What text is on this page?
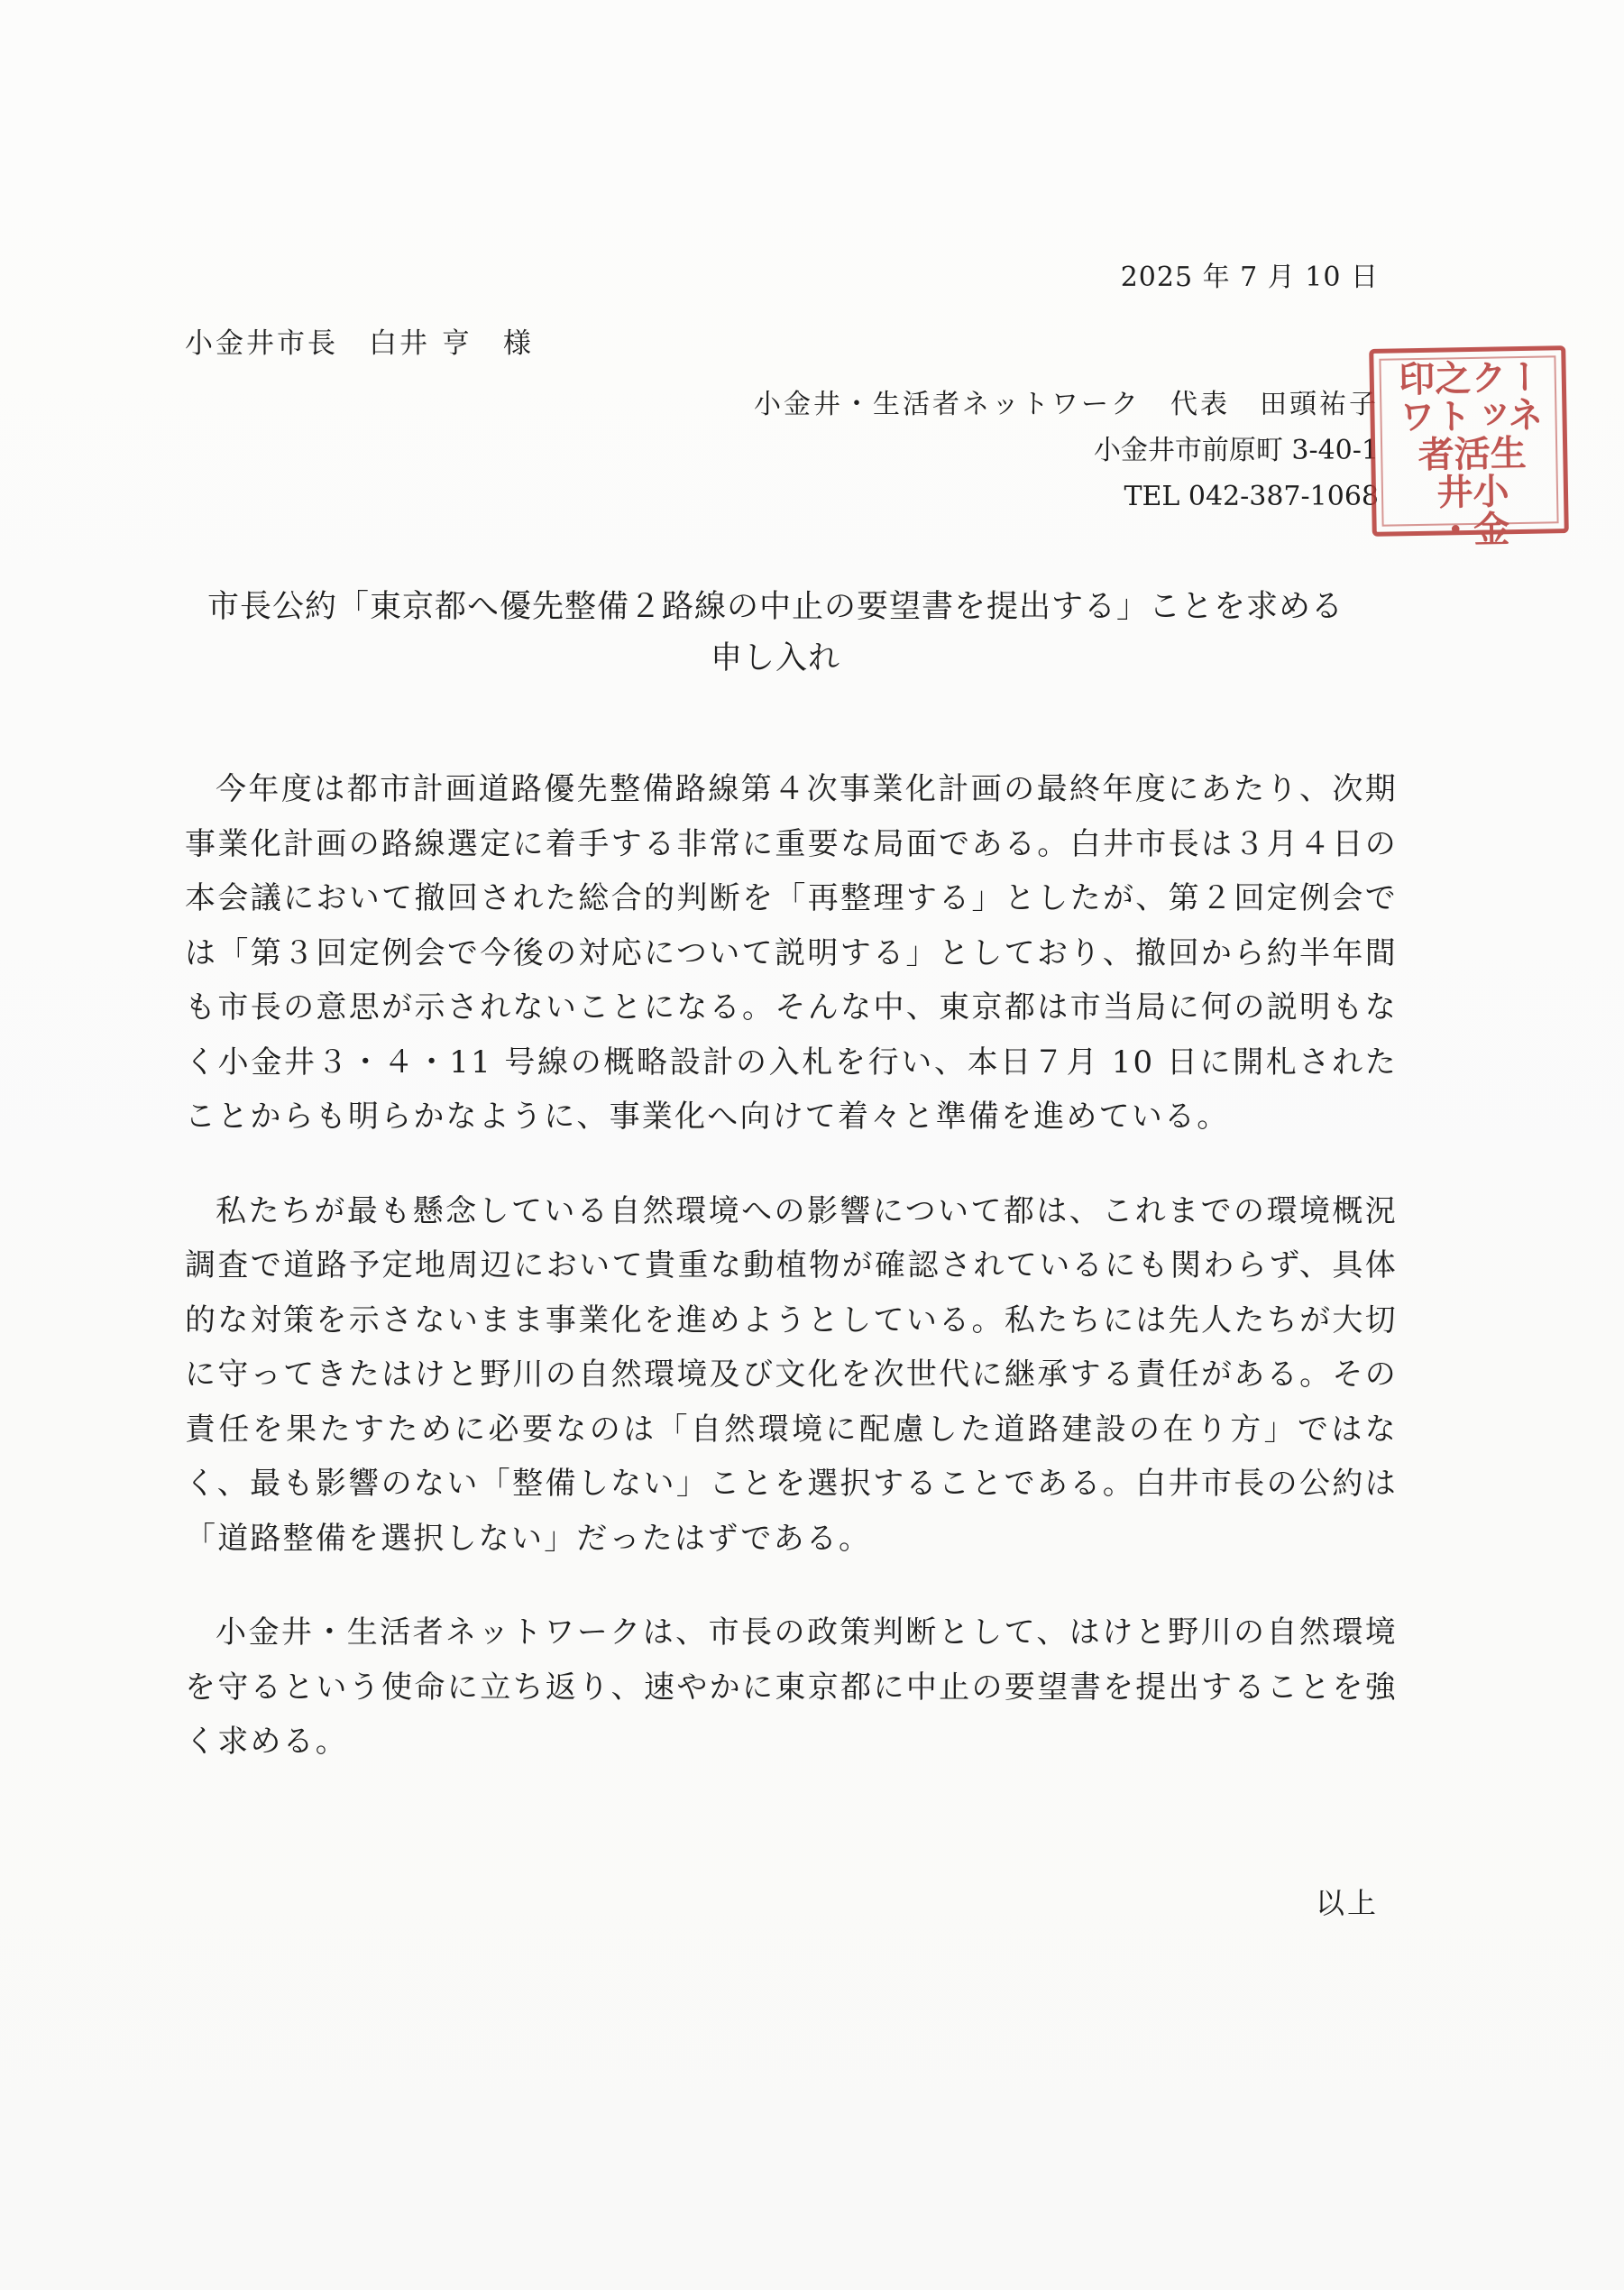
2025 年 7 月 10 日
小金井市長　白井 亨　様
小金井・生活者ネットワーク　代表　田頭祐子
小金井市前原町 3-40-1
TEL 042-387-1068	小金井・
生活者
ネットワ
ーク之印
市長公約「東京都へ優先整備２路線の中止の要望書を提出する」ことを求める
申し入れ

今年度は都市計画道路優先整備路線第４次事業化計画の最終年度にあたり、次期事業化計画の路線選定に着手する非常に重要な局面である。白井市長は３月４日の本会議において撤回された総合的判断を「再整理する」としたが、第２回定例会では「第３回定例会で今後の対応について説明する」としており、撤回から約半年間も市長の意思が示されないことになる。そんな中、東京都は市当局に何の説明もなく小金井３・４・11 号線の概略設計の入札を行い、本日７月 10 日に開札されたことからも明らかなように、事業化へ向けて着々と準備を進めている。

私たちが最も懸念している自然環境への影響について都は、これまでの環境概況調査で道路予定地周辺において貴重な動植物が確認されているにも関わらず、具体的な対策を示さないまま事業化を進めようとしている。私たちには先人たちが大切に守ってきたはけと野川の自然環境及び文化を次世代に継承する責任がある。その責任を果たすために必要なのは「自然環境に配慮した道路建設の在り方」ではなく、最も影響のない「整備しない」ことを選択することである。白井市長の公約は「道路整備を選択しない」だったはずである。

小金井・生活者ネットワークは、市長の政策判断として、はけと野川の自然環境を守るという使命に立ち返り、速やかに東京都に中止の要望書を提出することを強く求める。

以上
